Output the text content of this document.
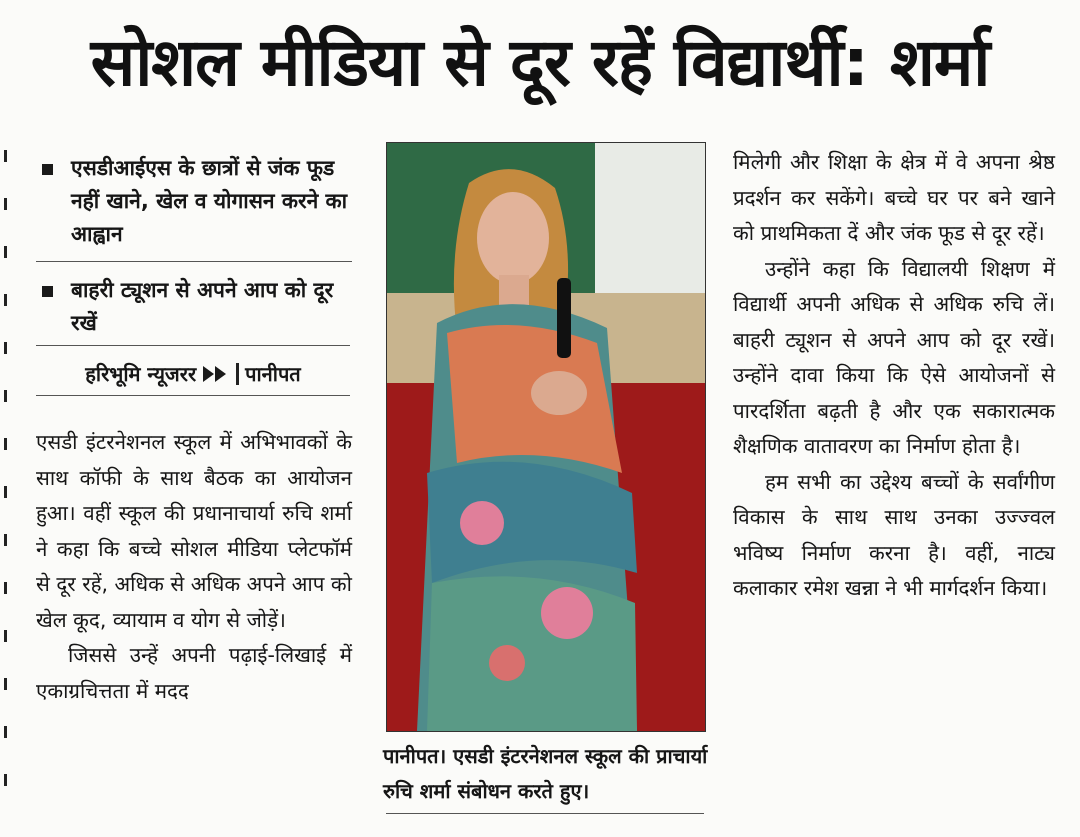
सोशल मीडिया से दूर रहें विद्यार्थी: शर्मा
एसडीआईएस के छात्रों से जंक फूड नहीं खाने, खेल व योगासन करने का आह्वान
बाहरी ट्यूशन से अपने आप को दूर रखें
हरिभूमि न्यूजरर पानीपत

एसडी इंटरनेशनल स्कूल में अभिभावकों के साथ कॉफी के साथ बैठक का आयोजन हुआ। वहीं स्कूल की प्रधानाचार्या रुचि शर्मा ने कहा कि बच्चे सोशल मीडिया प्लेटफॉर्म से दूर रहें, अधिक से अधिक अपने आप को खेल कूद, व्यायाम व योग से जोड़ें।

जिससे उन्हें अपनी पढ़ाई-लिखाई में एकाग्रचित्तता में मदद

पानीपत। एसडी इंटरनेशनल स्कूल की प्राचार्या रुचि शर्मा संबोधन करते हुए।

मिलेगी और शिक्षा के क्षेत्र में वे अपना श्रेष्ठ प्रदर्शन कर सकेंगे। बच्चे घर पर बने खाने को प्राथमिकता दें और जंक फूड से दूर रहें।

उन्होंने कहा कि विद्यालयी शिक्षण में विद्यार्थी अपनी अधिक से अधिक रुचि लें। बाहरी ट्यूशन से अपने आप को दूर रखें। उन्होंने दावा किया कि ऐसे आयोजनों से पारदर्शिता बढ़ती है और एक सकारात्मक शैक्षणिक वातावरण का निर्माण होता है।

हम सभी का उद्देश्य बच्चों के सर्वांगीण विकास के साथ साथ उनका उज्ज्वल भविष्य निर्माण करना है। वहीं, नाट्य कलाकार रमेश खन्ना ने भी मार्गदर्शन किया।
